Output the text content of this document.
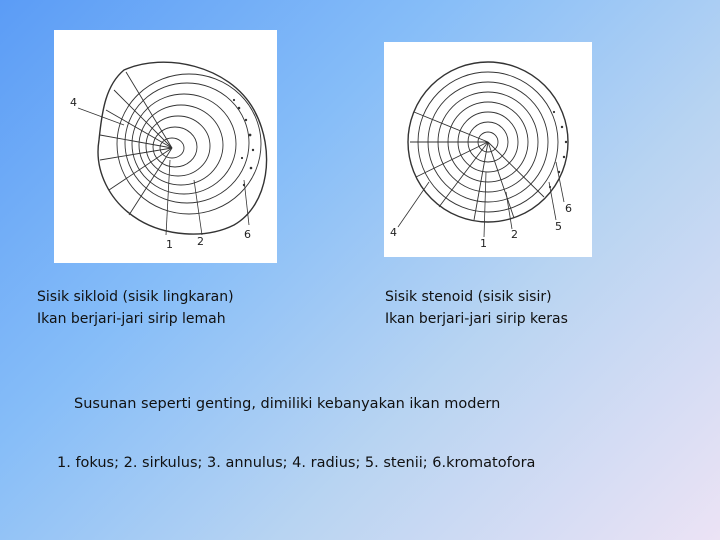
4
1 2
6	4
1
2
5
6
Sisik sikloid (sisik lingkaran)
Ikan berjari-jari sirip lemah
Sisik stenoid (sisik sisir)
Ikan berjari-jari sirip keras
Susunan seperti genting, dimiliki kebanyakan ikan modern
1. fokus; 2. sirkulus; 3. annulus; 4. radius; 5. stenii; 6.kromatofora
